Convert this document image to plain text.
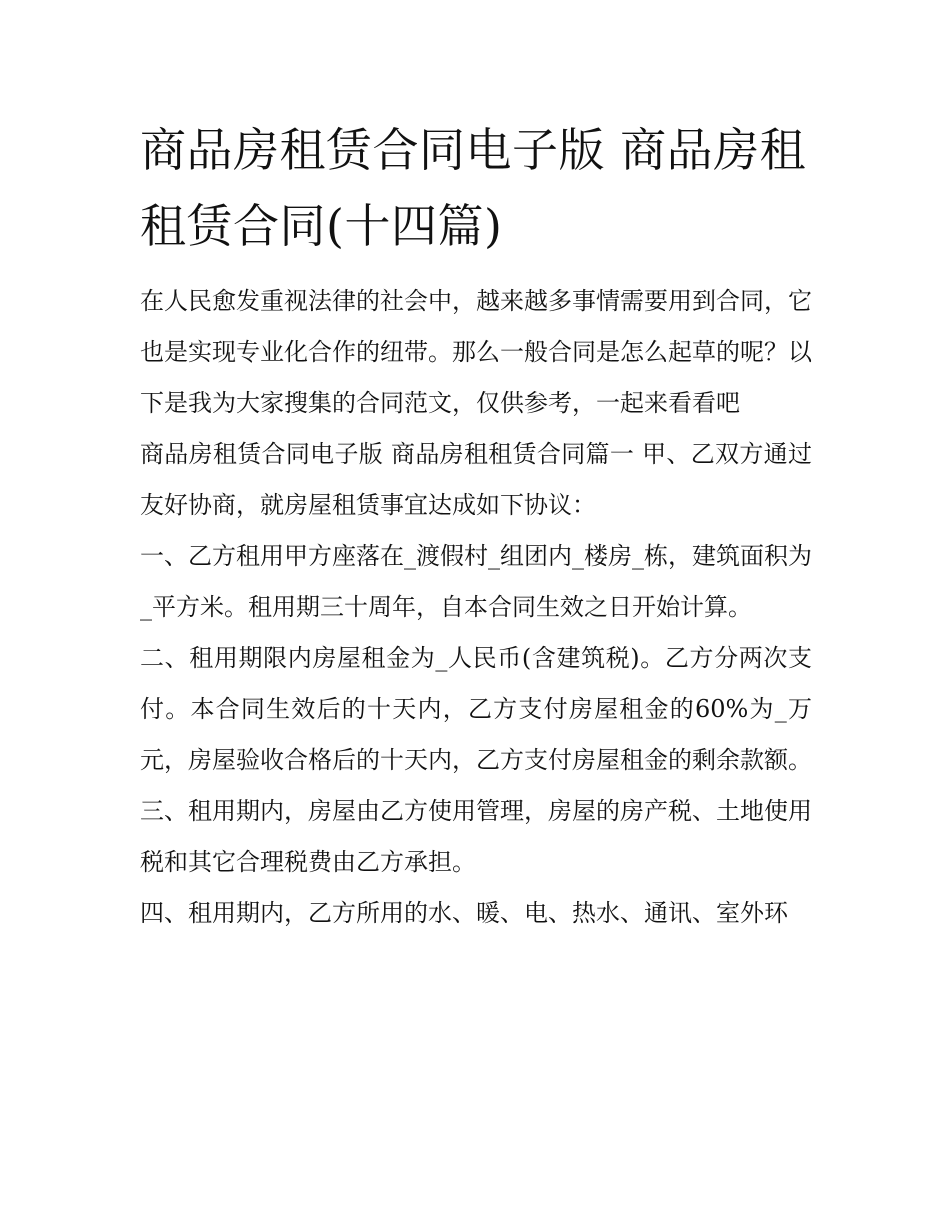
商品房租赁合同电子版 商品房租租赁合同(十四篇)

在人民愈发重视法律的社会中，越来越多事情需要用到合同，它也是实现专业化合作的纽带。那么一般合同是怎么起草的呢？以下是我为大家搜集的合同范文，仅供参考，一起来看看吧

商品房租赁合同电子版 商品房租租赁合同篇一 甲、乙双方通过友好协商，就房屋租赁事宜达成如下协议：

一、乙方租用甲方座落在_渡假村_组团内_楼房_栋，建筑面积为_平方米。租用期三十周年，自本合同生效之日开始计算。

二、租用期限内房屋租金为_人民币(含建筑税)。乙方分两次支付。本合同生效后的十天内，乙方支付房屋租金的60%为_万元，房屋验收合格后的十天内，乙方支付房屋租金的剩余款额。

三、租用期内，房屋由乙方使用管理，房屋的房产税、土地使用税和其它合理税费由乙方承担。

四、租用期内，乙方所用的水、暖、电、热水、通讯、室外环
